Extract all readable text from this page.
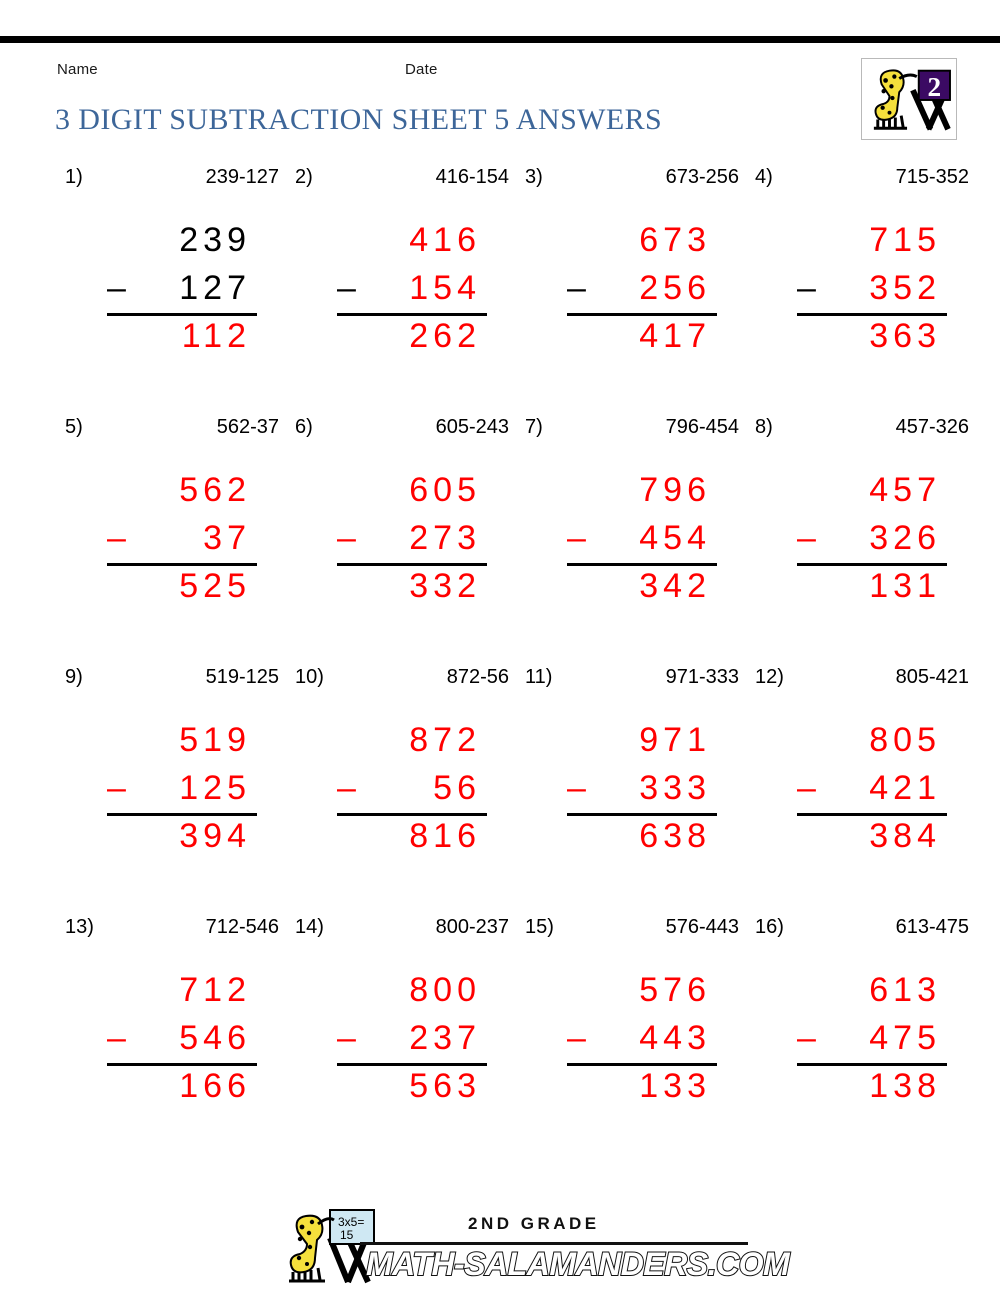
Name	Date
3 DIGIT SUBTRACTION SHEET 5 ANSWERS
2
1)	239-127
239
– 127
112
2)	416-154
416
– 154
262
3)	673-256
673
– 256
417
4)	715-352
715
– 352
363
5)	562-37
562
– 37
525
6)	605-243
605
– 273
332
7)	796-454
796
– 454
342
8)	457-326
457
– 326
131
9)	519-125
519
– 125
394
10)	872-56
872
– 56
816
11)	971-333
971
– 333
638
12)	805-421
805
– 421
384
13)	712-546
712
– 546
166
14)	800-237
800
– 237
563
15)	576-443
576
– 443
133
16)	613-475
613
– 475
138
3x5=
15
2ND GRADE
MATH-SALAMANDERS.COM
